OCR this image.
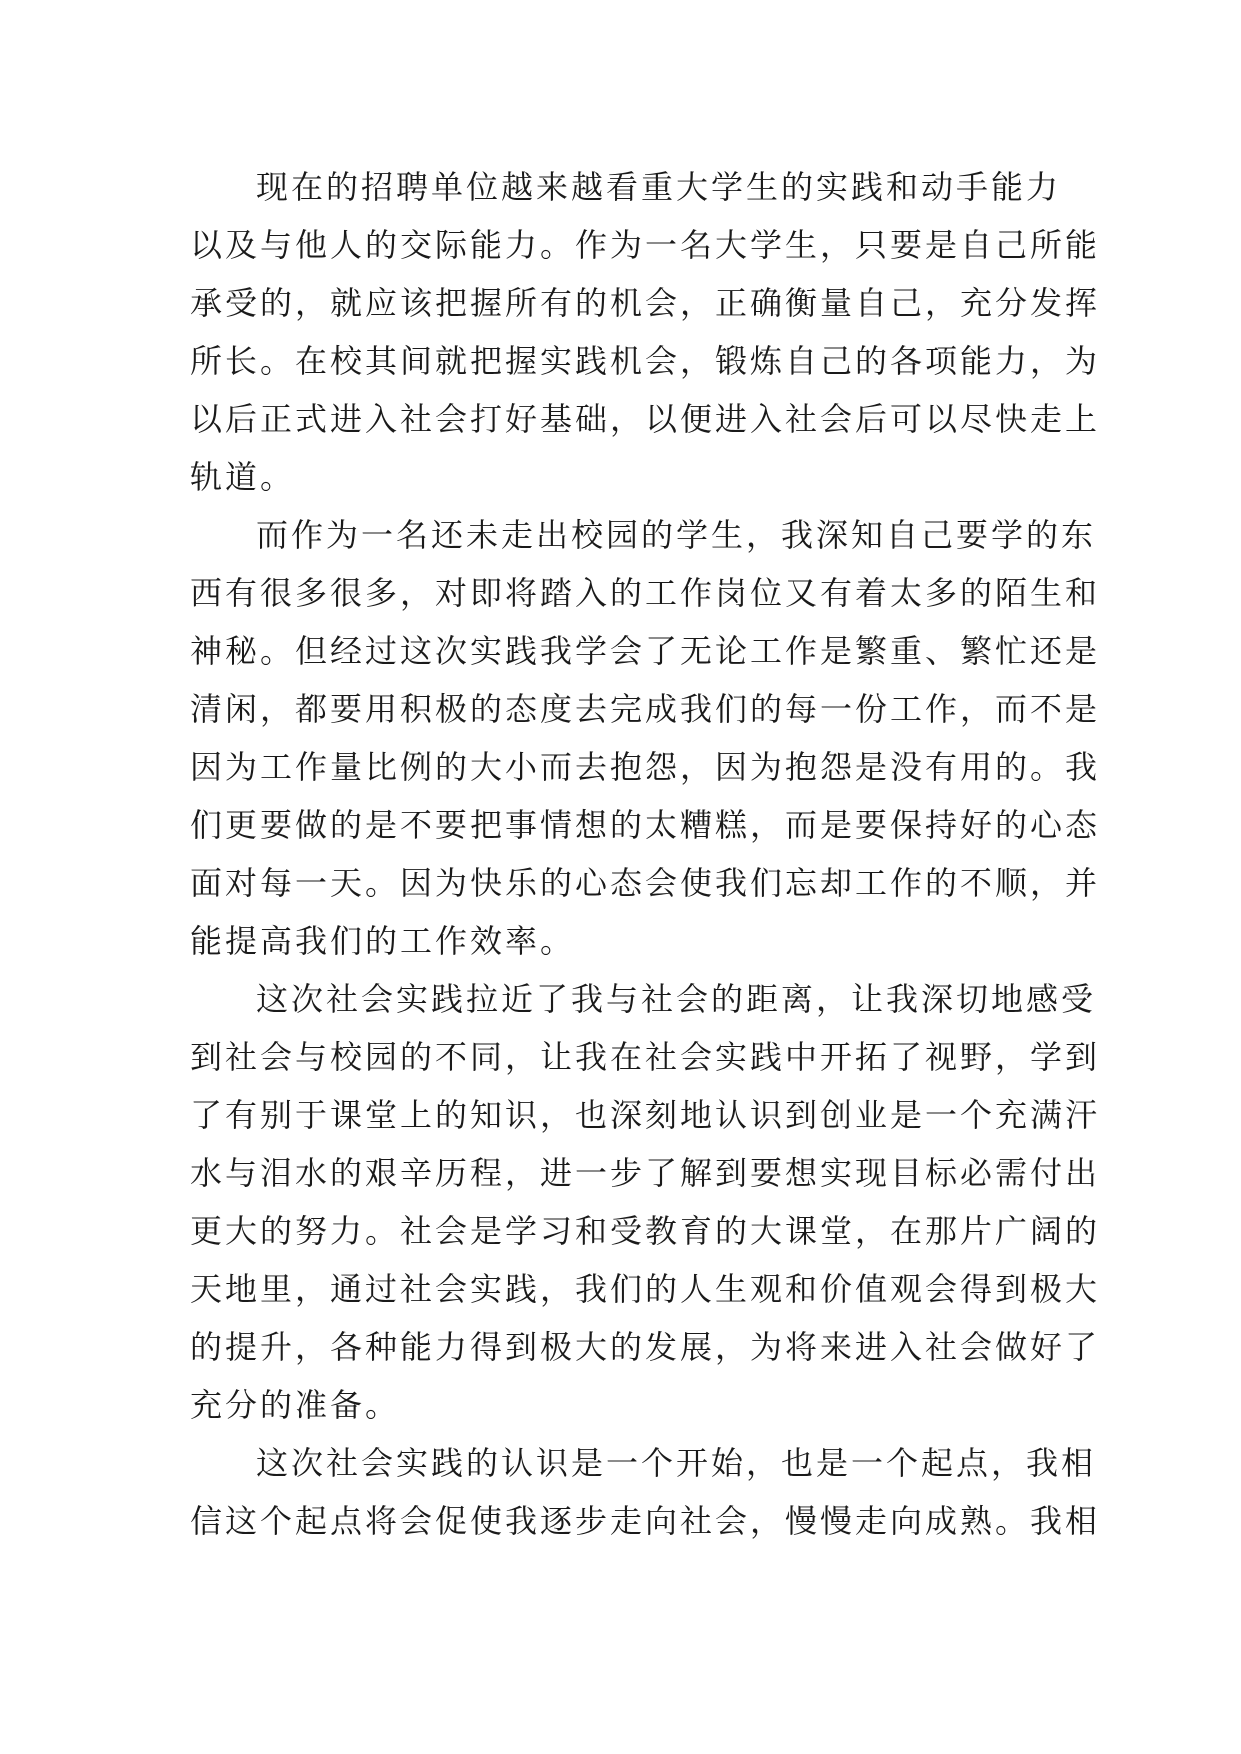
现在的招聘单位越来越看重大学生的实践和动手能力
以及与他人的交际能力。作为一名大学生，只要是自己所能
承受的，就应该把握所有的机会，正确衡量自己，充分发挥
所长。在校其间就把握实践机会，锻炼自己的各项能力，为
以后正式进入社会打好基础，以便进入社会后可以尽快走上
轨道。
而作为一名还未走出校园的学生，我深知自己要学的东
西有很多很多，对即将踏入的工作岗位又有着太多的陌生和
神秘。但经过这次实践我学会了无论工作是繁重、繁忙还是
清闲，都要用积极的态度去完成我们的每一份工作，而不是
因为工作量比例的大小而去抱怨，因为抱怨是没有用的。我
们更要做的是不要把事情想的太糟糕，而是要保持好的心态
面对每一天。因为快乐的心态会使我们忘却工作的不顺，并
能提高我们的工作效率。
这次社会实践拉近了我与社会的距离，让我深切地感受
到社会与校园的不同，让我在社会实践中开拓了视野，学到
了有别于课堂上的知识，也深刻地认识到创业是一个充满汗
水与泪水的艰辛历程，进一步了解到要想实现目标必需付出
更大的努力。社会是学习和受教育的大课堂，在那片广阔的
天地里，通过社会实践，我们的人生观和价值观会得到极大
的提升，各种能力得到极大的发展，为将来进入社会做好了
充分的准备。
这次社会实践的认识是一个开始，也是一个起点，我相
信这个起点将会促使我逐步走向社会，慢慢走向成熟。我相
